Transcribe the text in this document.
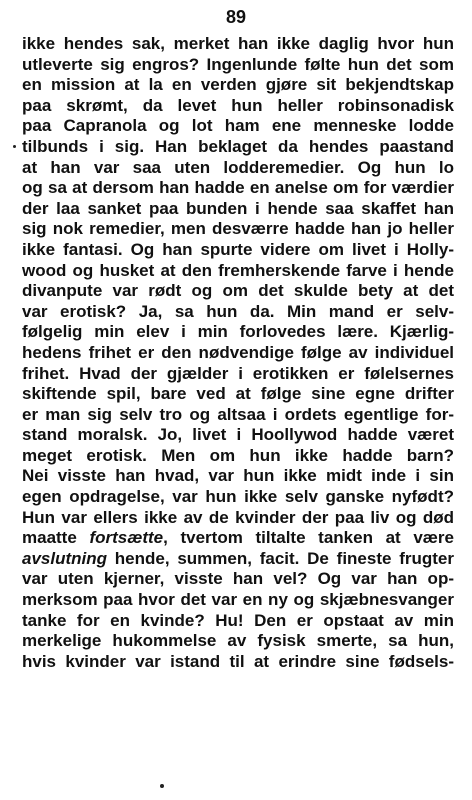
89
ikke hendes sak, merket han ikke daglig hvor hun
utleverte sig engros? Ingenlunde følte hun det som
en mission at la en verden gjøre sit bekjendtskap
paa skrømt, da levet hun heller robinsonadisk
paa Capranola og lot ham ene menneske lodde
tilbunds i sig. Han beklaget da hendes paastand
at han var saa uten lodderemedier. Og hun lo
og sa at dersom han hadde en anelse om for værdier
der laa sanket paa bunden i hende saa skaffet han
sig nok remedier, men desværre hadde han jo heller
ikke fantasi. Og han spurte videre om livet i Holly-
wood og husket at den fremherskende farve i hende
divanpute var rødt og om det skulde bety at det
var erotisk? Ja, sa hun da. Min mand er selv-
følgelig min elev i min forlovedes lære. Kjærlig-
hedens frihet er den nødvendige følge av individuel
frihet. Hvad der gjælder i erotikken er følelsernes
skiftende spil, bare ved at følge sine egne drifter
er man sig selv tro og altsaa i ordets egentlige for-
stand moralsk. Jo, livet i Hoollywod hadde været
meget erotisk. Men om hun ikke hadde barn?
Nei visste han hvad, var hun ikke midt inde i sin
egen opdragelse, var hun ikke selv ganske nyfødt?
Hun var ellers ikke av de kvinder der paa liv og død
maatte fortsætte, tvertom tiltalte tanken at være
avslutning hende, summen, facit. De fineste frugter
var uten kjerner, visste han vel? Og var han op-
merksom paa hvor det var en ny og skjæbnesvanger
tanke for en kvinde? Hu! Den er opstaat av min
merkelige hukommelse av fysisk smerte, sa hun,
hvis kvinder var istand til at erindre sine fødsels-
